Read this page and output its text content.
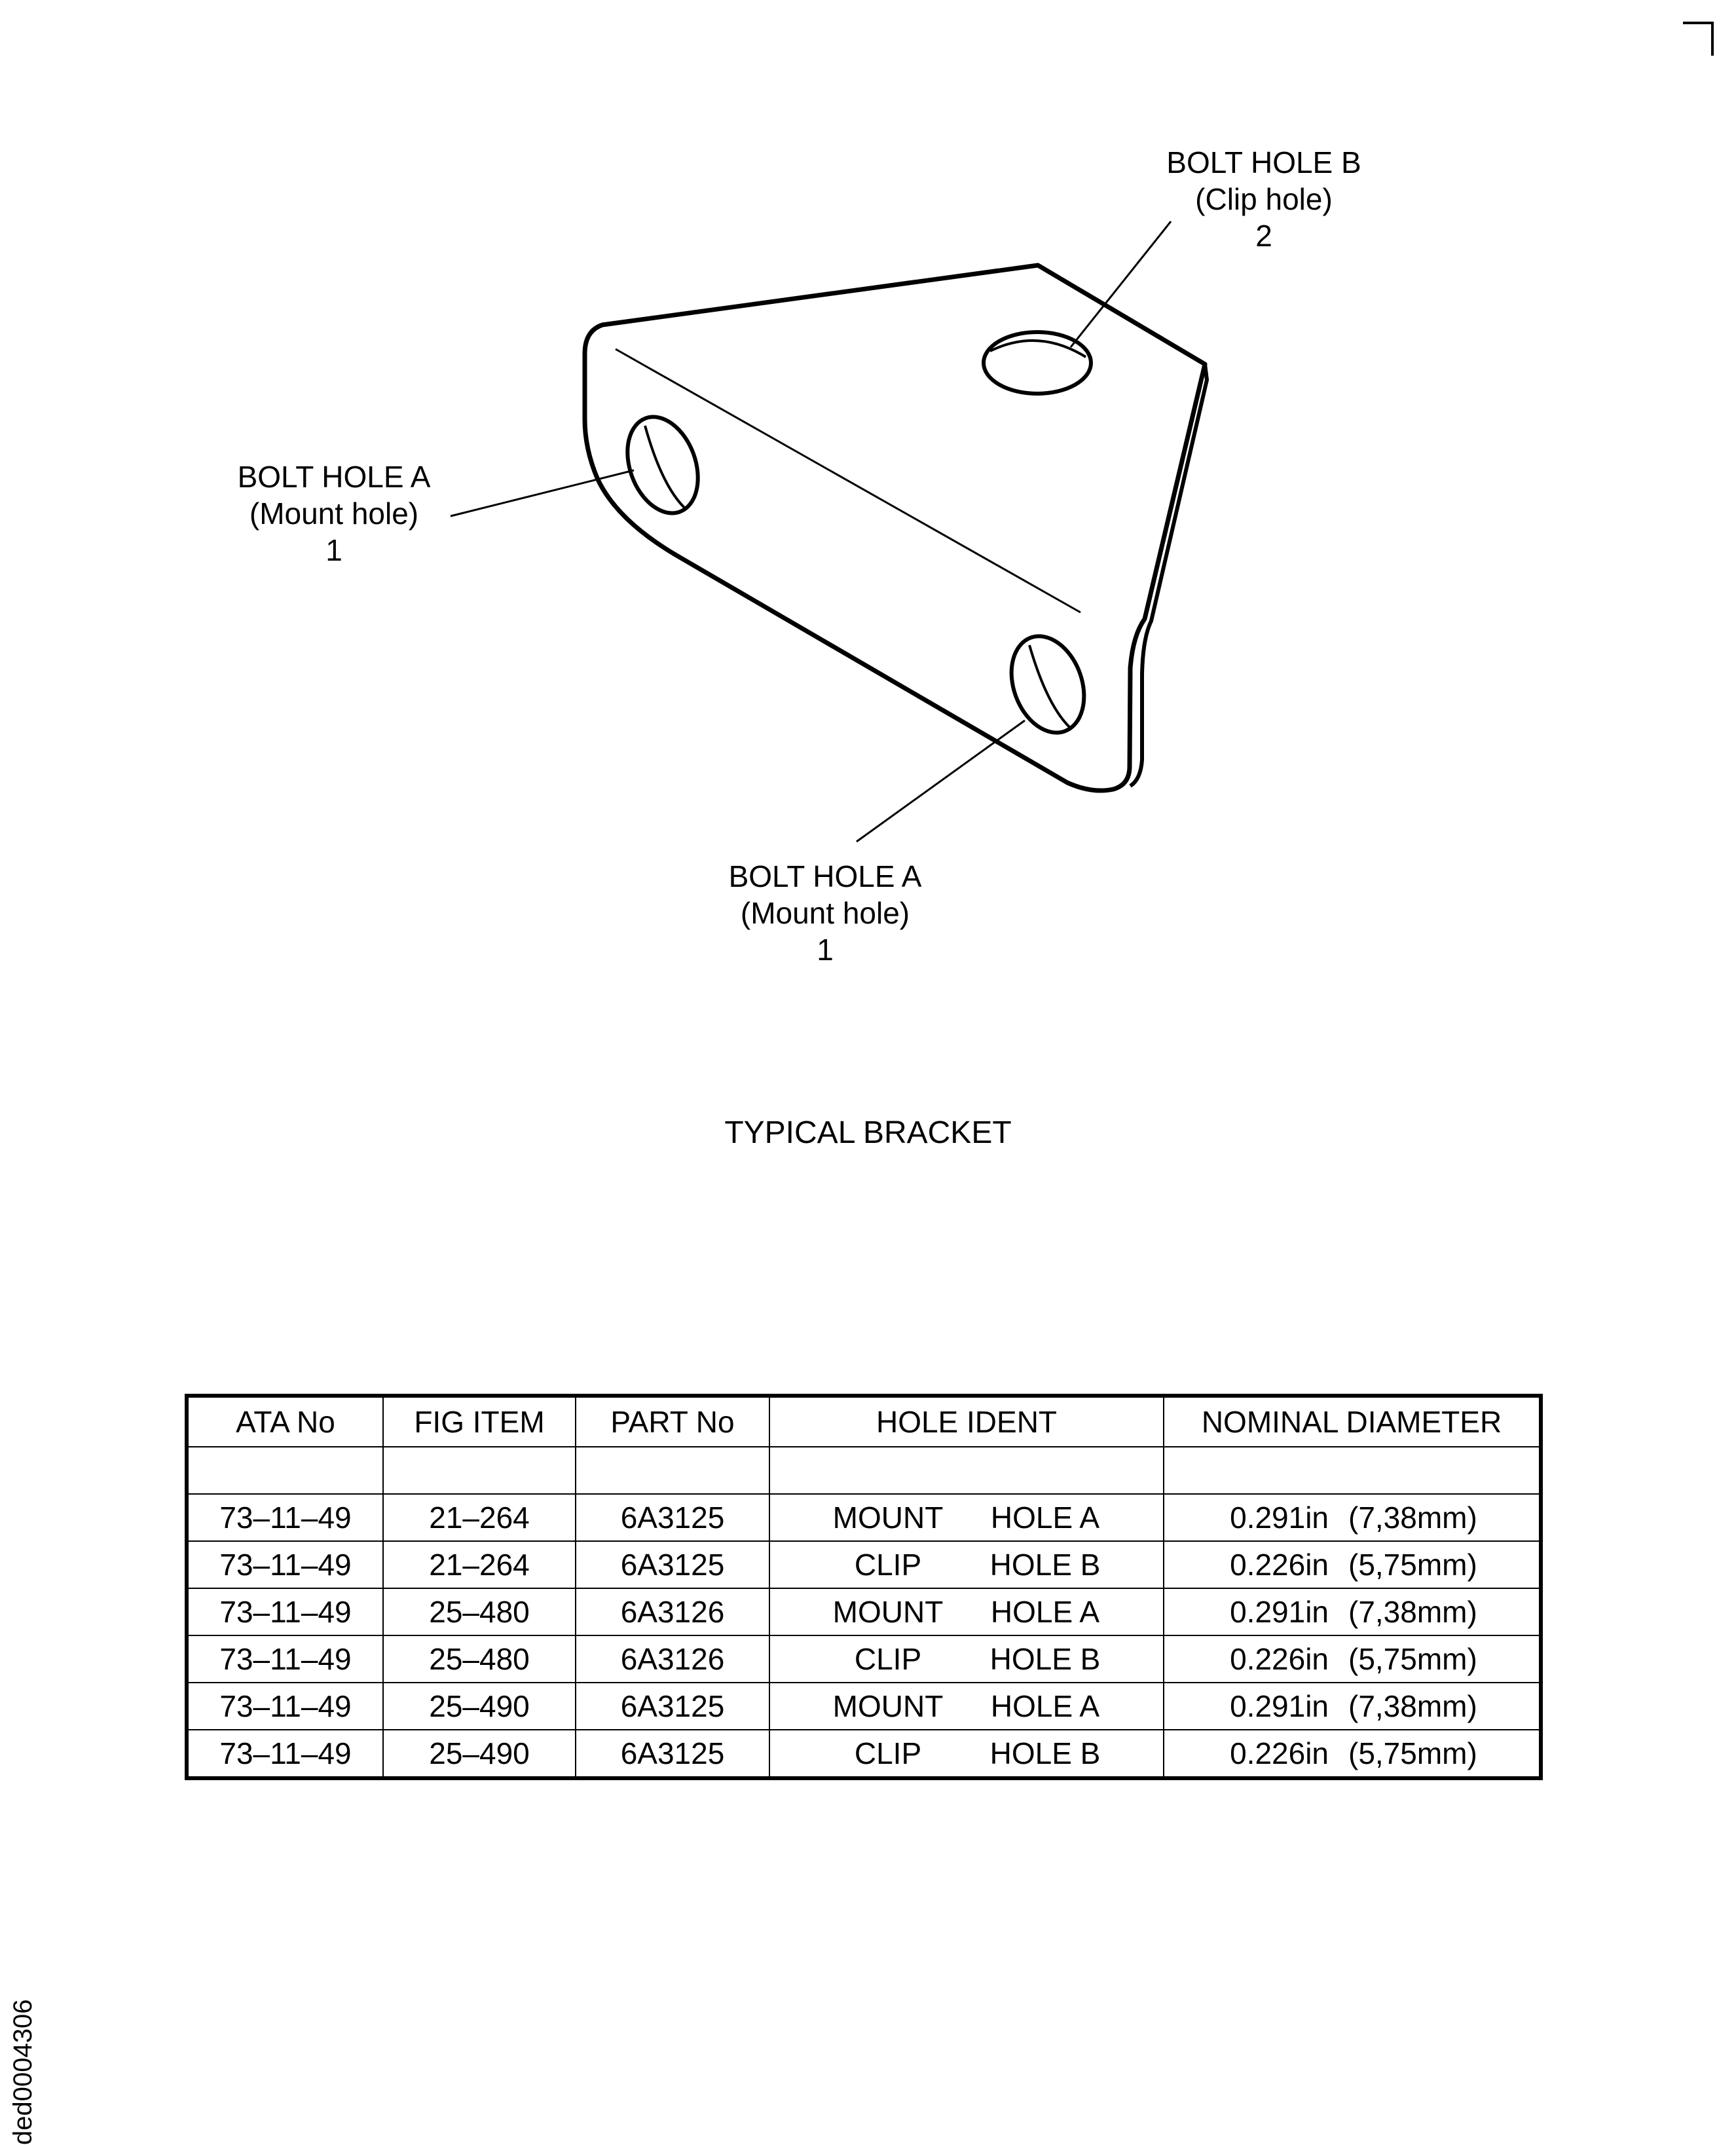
BOLT HOLE B
(Clip hole)
2
BOLT HOLE A
(Mount hole)
1
BOLT HOLE A
(Mount hole)
1
TYPICAL BRACKET
ATA No	FIG ITEM	PART No	HOLE IDENT	NOMINAL DIAMETER

73–11–49	21–264	6A3125	MOUNT HOLE A	0.291in (7,38mm)
73–11–49	21–264	6A3125	CLIP HOLE B	0.226in (5,75mm)
73–11–49	25–480	6A3126	MOUNT HOLE A	0.291in (7,38mm)
73–11–49	25–480	6A3126	CLIP HOLE B	0.226in (5,75mm)
73–11–49	25–490	6A3125	MOUNT HOLE A	0.291in (7,38mm)
73–11–49	25–490	6A3125	CLIP HOLE B	0.226in (5,75mm)
ded0004306
